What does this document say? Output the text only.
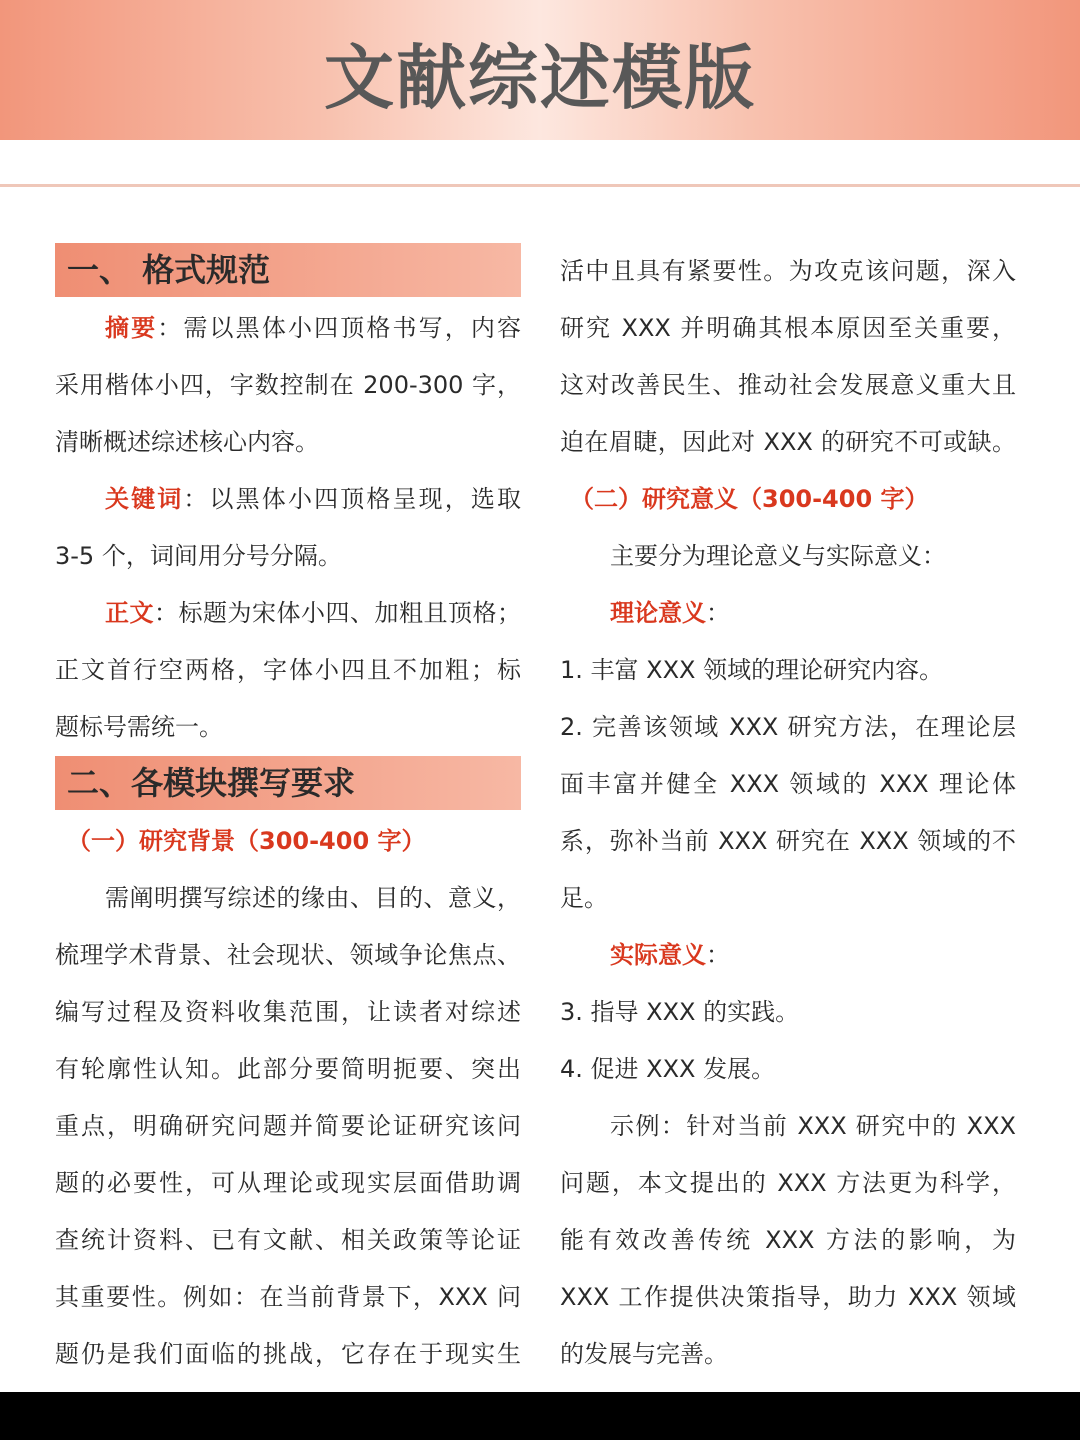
文献综述模版
一、 格式规范
摘要：需以黑体小四顶格书写，内容
采用楷体小四，字数控制在 200-300 字，
清晰概述综述核心内容。
关键词：以黑体小四顶格呈现，选取
3-5 个，词间用分号分隔。
正文：标题为宋体小四、加粗且顶格；
正文首行空两格，字体小四且不加粗；标
题标号需统一。
二、各模块撰写要求
（一）研究背景（300-400 字）
需阐明撰写综述的缘由、目的、意义，
梳理学术背景、社会现状、领域争论焦点、
编写过程及资料收集范围，让读者对综述
有轮廓性认知。此部分要简明扼要、突出
重点，明确研究问题并简要论证研究该问
题的必要性，可从理论或现实层面借助调
查统计资料、已有文献、相关政策等论证
其重要性。例如：在当前背景下，XXX 问
题仍是我们面临的挑战，它存在于现实生
活中且具有紧要性。为攻克该问题，深入
研究 XXX 并明确其根本原因至关重要，
这对改善民生、推动社会发展意义重大且
迫在眉睫，因此对 XXX 的研究不可或缺。
（二）研究意义（300-400 字）
主要分为理论意义与实际意义：
理论意义：
1. 丰富 XXX 领域的理论研究内容。
2. 完善该领域 XXX 研究方法，在理论层
面丰富并健全 XXX 领域的 XXX 理论体
系，弥补当前 XXX 研究在 XXX 领域的不
足。
实际意义：
3. 指导 XXX 的实践。
4. 促进 XXX 发展。
示例：针对当前 XXX 研究中的 XXX
问题，本文提出的 XXX 方法更为科学，
能有效改善传统 XXX 方法的影响，为
XXX 工作提供决策指导，助力 XXX 领域
的发展与完善。
